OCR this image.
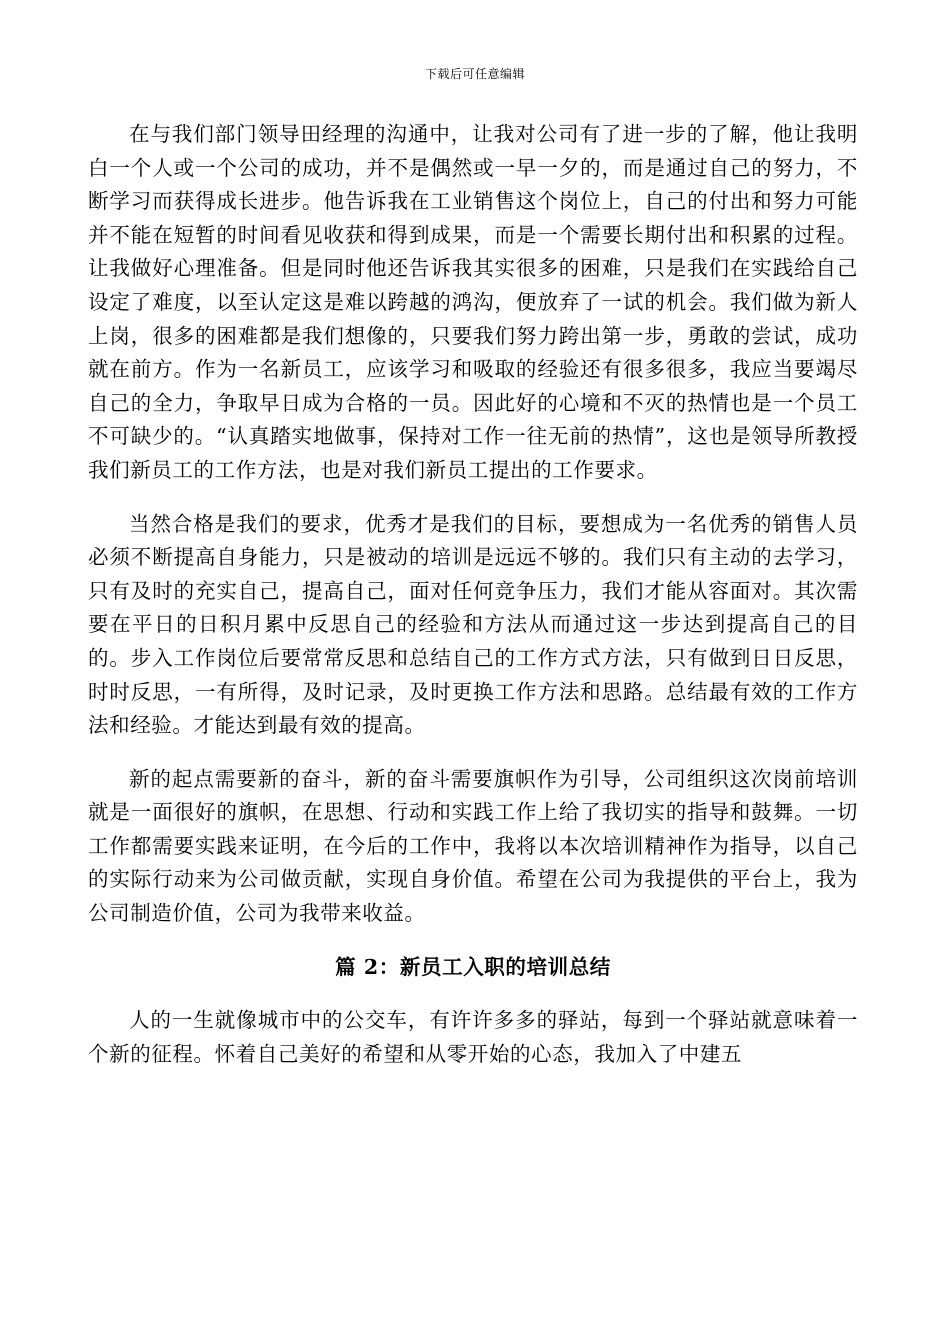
下载后可任意编辑

在与我们部门领导田经理的沟通中，让我对公司有了进一步的了解，他让我明白一个人或一个公司的成功，并不是偶然或一早一夕的，而是通过自己的努力，不断学习而获得成长进步。他告诉我在工业销售这个岗位上，自己的付出和努力可能并不能在短暂的时间看见收获和得到成果，而是一个需要长期付出和积累的过程。让我做好心理准备。但是同时他还告诉我其实很多的困难，只是我们在实践给自己设定了难度，以至认定这是难以跨越的鸿沟，便放弃了一试的机会。我们做为新人上岗，很多的困难都是我们想像的，只要我们努力跨出第一步，勇敢的尝试，成功就在前方。作为一名新员工，应该学习和吸取的经验还有很多很多，我应当要竭尽自己的全力，争取早日成为合格的一员。因此好的心境和不灭的热情也是一个员工不可缺少的。“认真踏实地做事，保持对工作一往无前的热情”，这也是领导所教授我们新员工的工作方法，也是对我们新员工提出的工作要求。

当然合格是我们的要求，优秀才是我们的目标，要想成为一名优秀的销售人员必须不断提高自身能力，只是被动的培训是远远不够的。我们只有主动的去学习，只有及时的充实自己，提高自己，面对任何竞争压力，我们才能从容面对。其次需要在平日的日积月累中反思自己的经验和方法从而通过这一步达到提高自己的目的。步入工作岗位后要常常反思和总结自己的工作方式方法，只有做到日日反思，时时反思，一有所得，及时记录，及时更换工作方法和思路。总结最有效的工作方法和经验。才能达到最有效的提高。

新的起点需要新的奋斗，新的奋斗需要旗帜作为引导，公司组织这次岗前培训就是一面很好的旗帜，在思想、行动和实践工作上给了我切实的指导和鼓舞。一切工作都需要实践来证明，在今后的工作中，我将以本次培训精神作为指导，以自己的实际行动来为公司做贡献，实现自身价值。希望在公司为我提供的平台上，我为公司制造价值，公司为我带来收益。

篇 2：新员工入职的培训总结

人的一生就像城市中的公交车，有许许多多的驿站，每到一个驿站就意味着一个新的征程。怀着自己美好的希望和从零开始的心态，我加入了中建五
